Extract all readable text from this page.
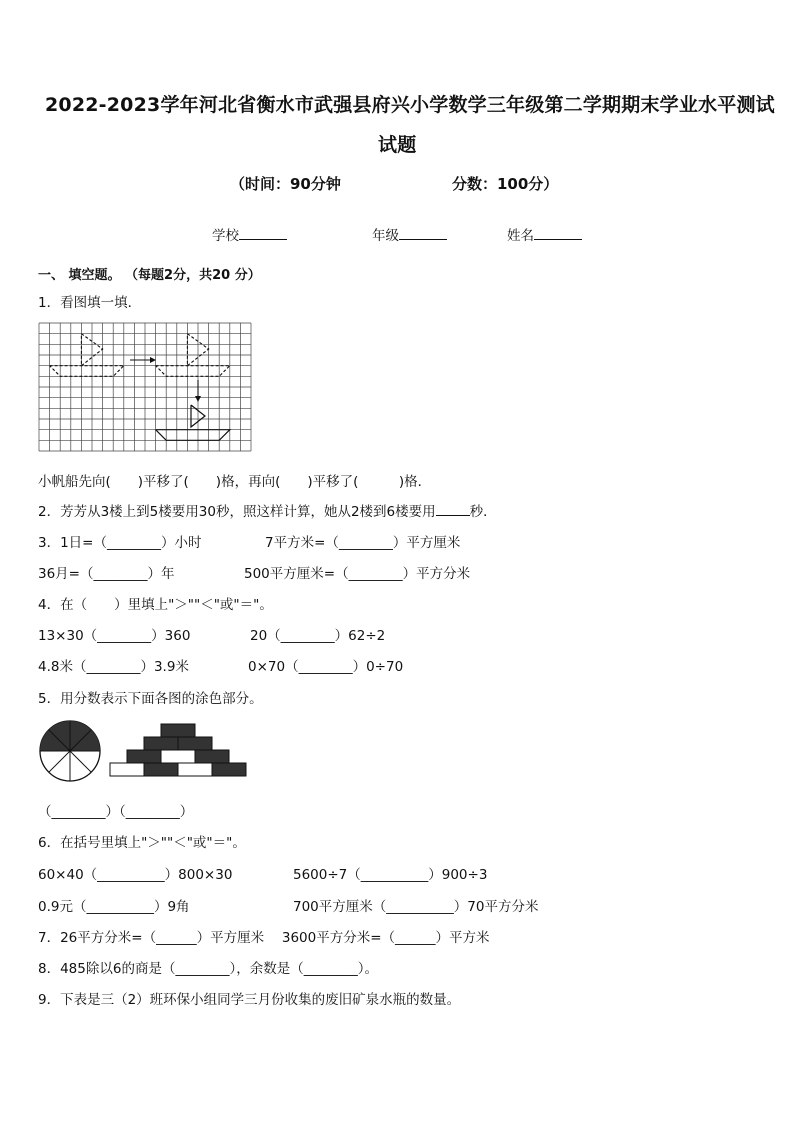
2022-2023学年河北省衡水市武强县府兴小学数学三年级第二学期期末学业水平测试
试题
（时间：90分钟	分数：100分）
学校	年级	姓名
一、 填空题。 （每题2分，共20 分）
1．看图填一填．
小帆船先向(　　)平移了(　　)格，再向(　　)平移了(　　　)格．
2．芳芳从3楼上到5楼要用30秒，照这样计算，她从2楼到6楼要用	秒．
3．1日=（________）小时	7平方米=（________）平方厘米
36月=（________）年	500平方厘米=（________）平方分米
4．在（　　）里填上"＞""＜"或"＝"。
13×30（________）360	20（________）62÷2
4.8米（________）3.9米	0×70（________）0÷70
5．用分数表示下面各图的涂色部分。
（________）（________）
6．在括号里填上"＞""＜"或"＝"。
60×40（__________）800×30	5600÷7（__________）900÷3
0.9元（__________）9角	700平方厘米（__________）70平方分米
7．26平方分米=（______）平方厘米　 3600平方分米=（______）平方米
8．485除以6的商是（________），余数是（________）。
9．下表是三（2）班环保小组同学三月份收集的废旧矿泉水瓶的数量。
